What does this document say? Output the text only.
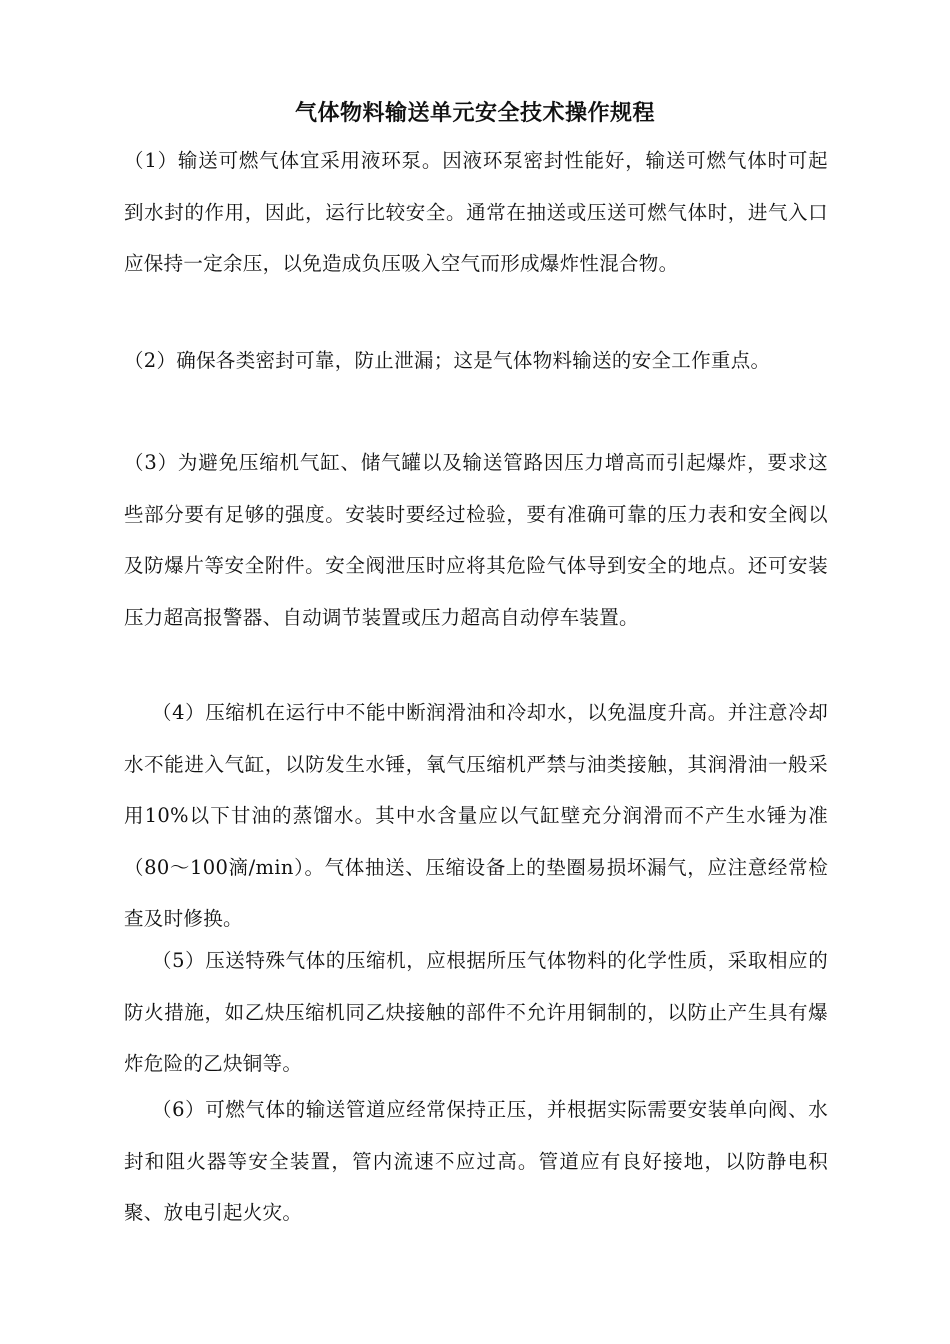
气体物料输送单元安全技术操作规程

（1）输送可燃气体宜采用液环泵。因液环泵密封性能好，输送可燃气体时可起到水封的作用，因此，运行比较安全。通常在抽送或压送可燃气体时，进气入口应保持一定余压，以免造成负压吸入空气而形成爆炸性混合物。

（2）确保各类密封可靠，防止泄漏；这是气体物料输送的安全工作重点。

（3）为避免压缩机气缸、储气罐以及输送管路因压力增高而引起爆炸，要求这些部分要有足够的强度。安装时要经过检验，要有准确可靠的压力表和安全阀以及防爆片等安全附件。安全阀泄压时应将其危险气体导到安全的地点。还可安装压力超高报警器、自动调节装置或压力超高自动停车装置。

（4）压缩机在运行中不能中断润滑油和冷却水，以免温度升高。并注意冷却水不能进入气缸，以防发生水锤，氧气压缩机严禁与油类接触，其润滑油一般采用10%以下甘油的蒸馏水。其中水含量应以气缸壁充分润滑而不产生水锤为准（80～100滴/min）。气体抽送、压缩设备上的垫圈易损坏漏气，应注意经常检查及时修换。

（5）压送特殊气体的压缩机，应根据所压气体物料的化学性质，采取相应的防火措施，如乙炔压缩机同乙炔接触的部件不允许用铜制的，以防止产生具有爆炸危险的乙炔铜等。

（6）可燃气体的输送管道应经常保持正压，并根据实际需要安装单向阀、水封和阻火器等安全装置，管内流速不应过高。管道应有良好接地，以防静电积聚、放电引起火灾。
